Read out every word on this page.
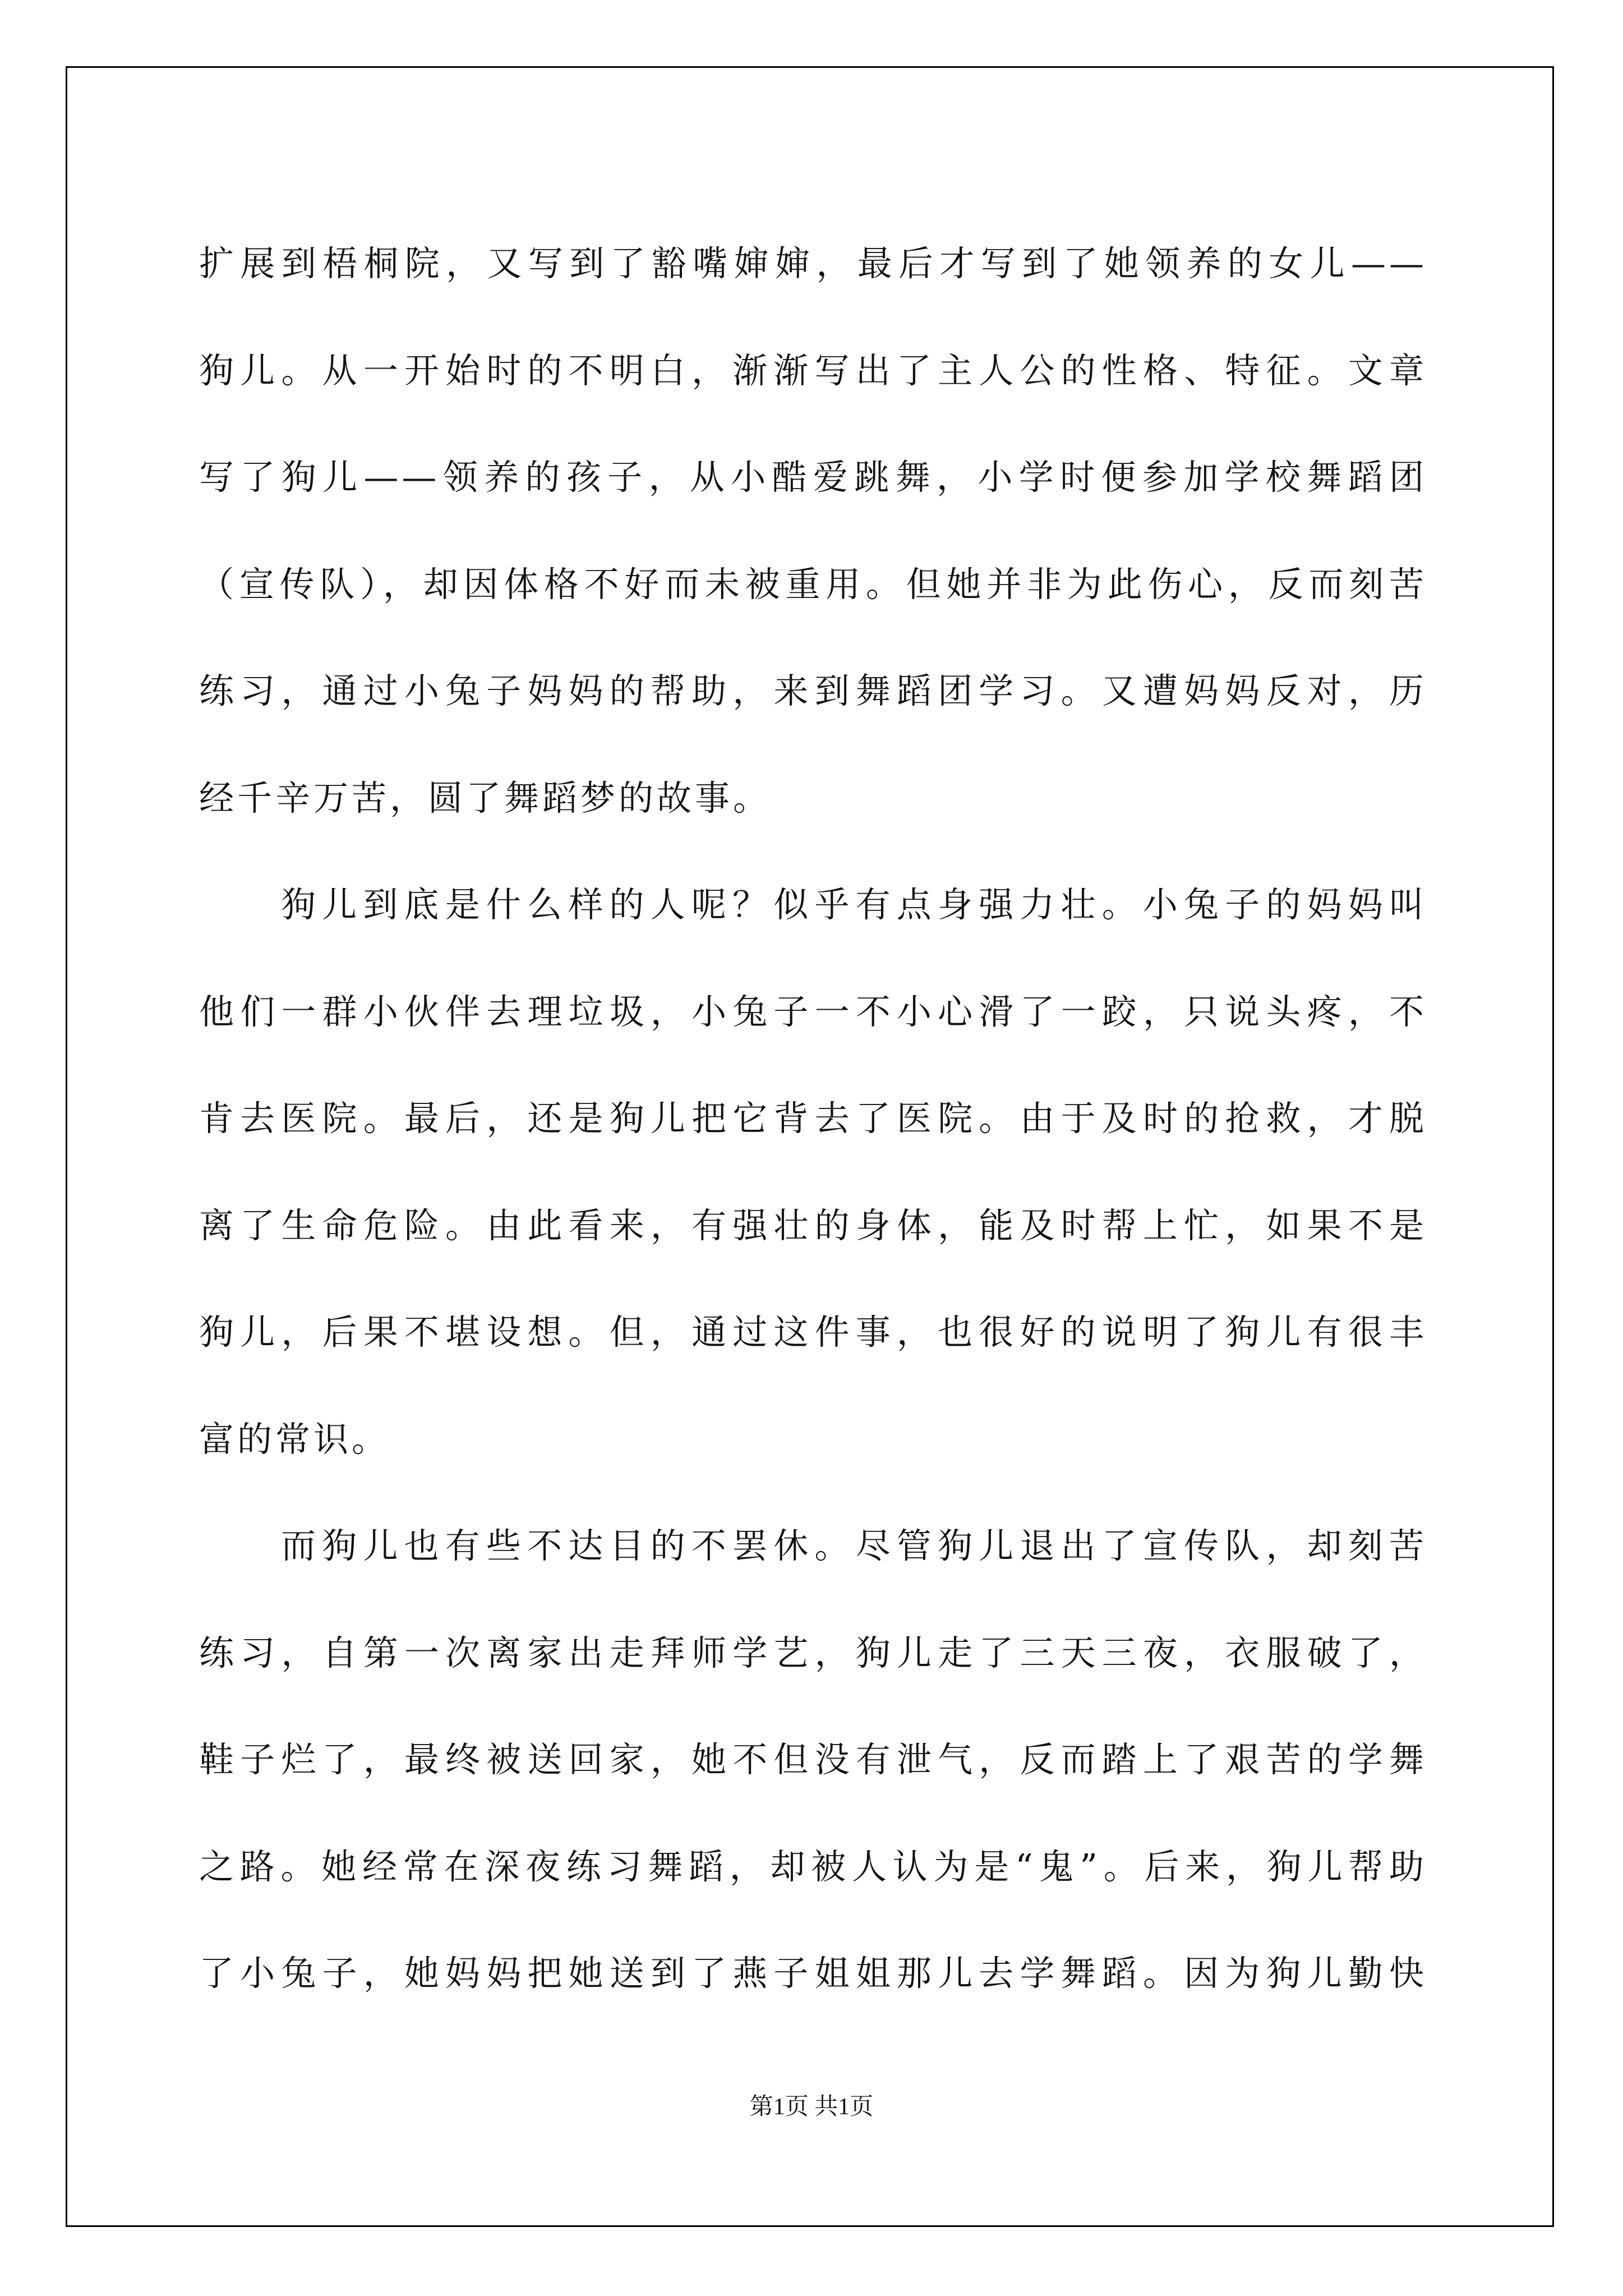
扩展到梧桐院，又写到了豁嘴婶婶，最后才写到了她领养的女儿——
狗儿。从一开始时的不明白，渐渐写出了主人公的性格、特征。文章
写了狗儿——领养的孩子，从小酷爱跳舞，小学时便参加学校舞蹈团
（宣传队），却因体格不好而未被重用。但她并非为此伤心，反而刻苦
练习，通过小兔子妈妈的帮助，来到舞蹈团学习。又遭妈妈反对，历
经千辛万苦，圆了舞蹈梦的故事。
狗儿到底是什么样的人呢？似乎有点身强力壮。小兔子的妈妈叫
他们一群小伙伴去理垃圾，小兔子一不小心滑了一跤，只说头疼，不
肯去医院。最后，还是狗儿把它背去了医院。由于及时的抢救，才脱
离了生命危险。由此看来，有强壮的身体，能及时帮上忙，如果不是
狗儿，后果不堪设想。但，通过这件事，也很好的说明了狗儿有很丰
富的常识。
而狗儿也有些不达目的不罢休。尽管狗儿退出了宣传队，却刻苦
练习，自第一次离家出走拜师学艺，狗儿走了三天三夜，衣服破了，
鞋子烂了，最终被送回家，她不但没有泄气，反而踏上了艰苦的学舞
之路。她经常在深夜练习舞蹈，却被人认为是“鬼”。后来，狗儿帮助
了小兔子，她妈妈把她送到了燕子姐姐那儿去学舞蹈。因为狗儿勤快
第1页 共1页
